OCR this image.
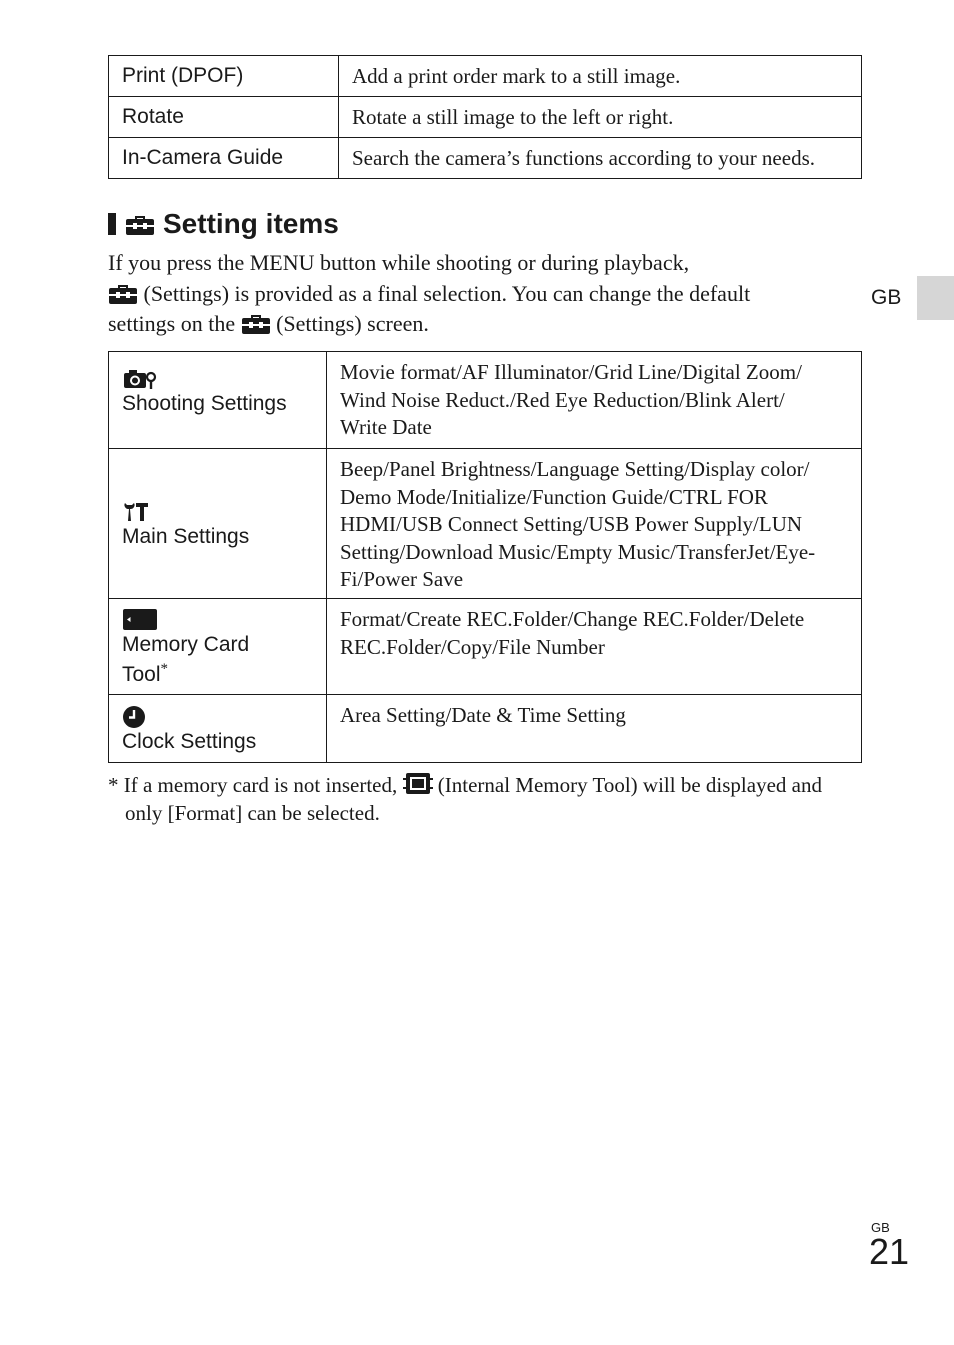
Print (DPOF)	Add a print order mark to a still image.
Rotate	Rotate a still image to the left or right.
In-Camera Guide	Search the camera’s functions according to your needs.
Setting items
If you press the MENU button while shooting or during playback,
(Settings) is provided as a final selection. You can change the default
settings on the (Settings) screen.
Shooting Settings	Movie format/AF Illuminator/Grid Line/Digital Zoom/
Wind Noise Reduct./Red Eye Reduction/Blink Alert/
Write Date

Main Settings	Beep/Panel Brightness/Language Setting/Display color/
Demo Mode/Initialize/Function Guide/CTRL FOR
HDMI/USB Connect Setting/USB Power Supply/LUN
Setting/Download Music/Empty Music/TransferJet/Eye-
Fi/Power Save

Memory Card
Tool*	Format/Create REC.Folder/Change REC.Folder/Delete
REC.Folder/Copy/File Number

Clock Settings	Area Setting/Date & Time Setting
* If a memory card is not inserted, (Internal Memory Tool) will be displayed and
only [Format] can be selected.
GB
GB
21
